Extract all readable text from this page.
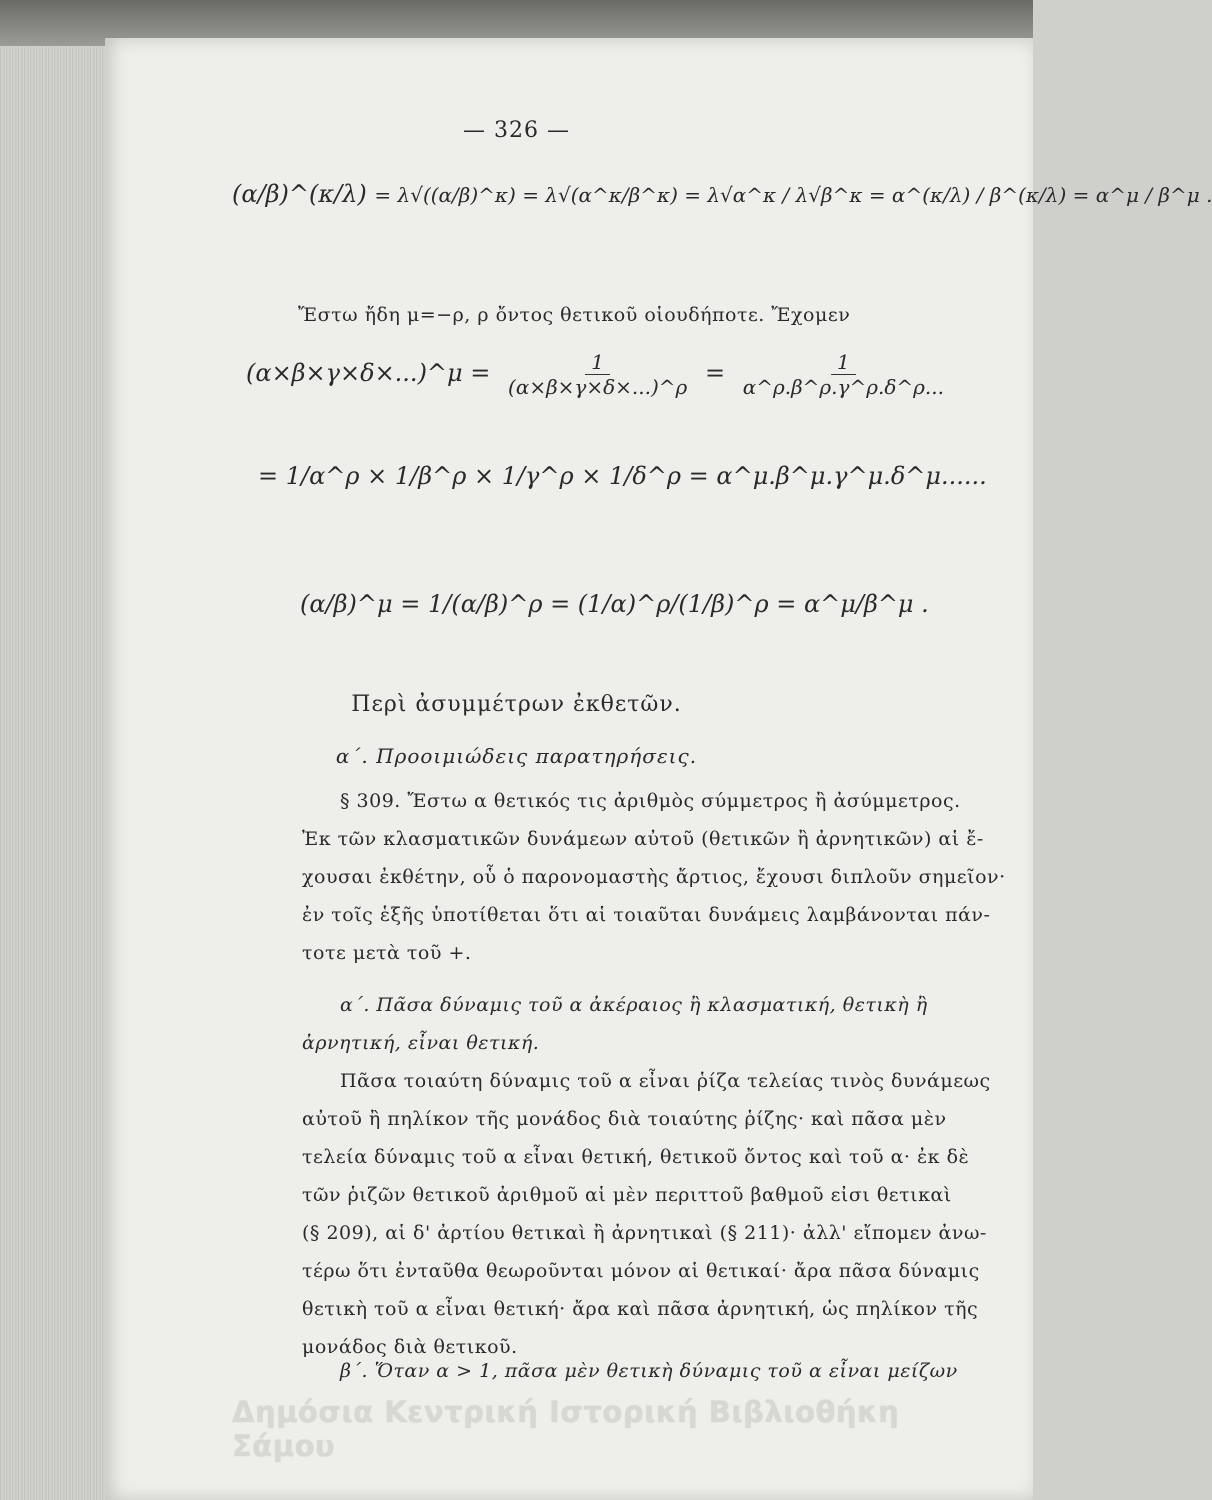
— 326 —
(α/β)^(κ/λ) = λ√((α/β)^κ) = λ√(α^κ/β^κ) = λ√α^κ / λ√β^κ = α^(κ/λ) / β^(κ/λ) = α^μ / β^μ .
Ἔστω ἤδη μ=−ρ, ρ ὄντος θετικοῦ οἱουδήποτε. Ἔχομεν
(α×β×γ×δ×...)^μ = $\frac{1}{(\alpha\times\beta\times\gamma\times\delta\times...)\^{}\rho} = \frac{1}{\alpha\^{}\rho.\beta\^{}\rho.\gamma\^{}\rho.\delta\^{}\rho...}$
= 1/α^ρ × 1/β^ρ × 1/γ^ρ × 1/δ^ρ = α^μ.β^μ.γ^μ.δ^μ......
(α/β)^μ = 1/(α/β)^ρ = (1/α)^ρ/(1/β)^ρ = α^μ/β^μ .
Περὶ ἀσυμμέτρων ἐκθετῶν.
α΄. Προοιμιώδεις παρατηρήσεις.
§ 309. Ἔστω α θετικός τις ἀριθμὸς σύμμετρος ἢ ἀσύμμετρος.
Ἐκ τῶν κλασματικῶν δυνάμεων αὐτοῦ (θετικῶν ἢ ἀρνητικῶν) αἱ ἔ-
χουσαι ἐκθέτην, οὗ ὁ παρονομαστὴς ἄρτιος, ἔχουσι διπλοῦν σημεῖον·
ἐν τοῖς ἑξῆς ὑποτίθεται ὅτι αἱ τοιαῦται δυνάμεις λαμβάνονται πάν-
τοτε μετὰ τοῦ +.
α΄. Πᾶσα δύναμις τοῦ α ἀκέραιος ἢ κλασματική, θετικὴ ἢ
ἀρνητική, εἶναι θετική.
Πᾶσα τοιαύτη δύναμις τοῦ α εἶναι ῥίζα τελείας τινὸς δυνάμεως
αὐτοῦ ἢ πηλίκον τῆς μονάδος διὰ τοιαύτης ῥίζης· καὶ πᾶσα μὲν
τελεία δύναμις τοῦ α εἶναι θετική, θετικοῦ ὄντος καὶ τοῦ α· ἐκ δὲ
τῶν ῥιζῶν θετικοῦ ἀριθμοῦ αἱ μὲν περιττοῦ βαθμοῦ εἰσι θετικαὶ
(§ 209), αἱ δ' ἀρτίου θετικαὶ ἢ ἀρνητικαὶ (§ 211)· ἀλλ' εἴπομεν ἀνω-
τέρω ὅτι ἐνταῦθα θεωροῦνται μόνον αἱ θετικαί· ἄρα πᾶσα δύναμις
θετικὴ τοῦ α εἶναι θετική· ἄρα καὶ πᾶσα ἀρνητική, ὡς πηλίκον τῆς
μονάδος διὰ θετικοῦ.
β΄. Ὅταν α > 1, πᾶσα μὲν θετικὴ δύναμις τοῦ α εἶναι μείζων
Δημόσια Κεντρική Ιστορική Βιβλιοθήκη Σάμου
